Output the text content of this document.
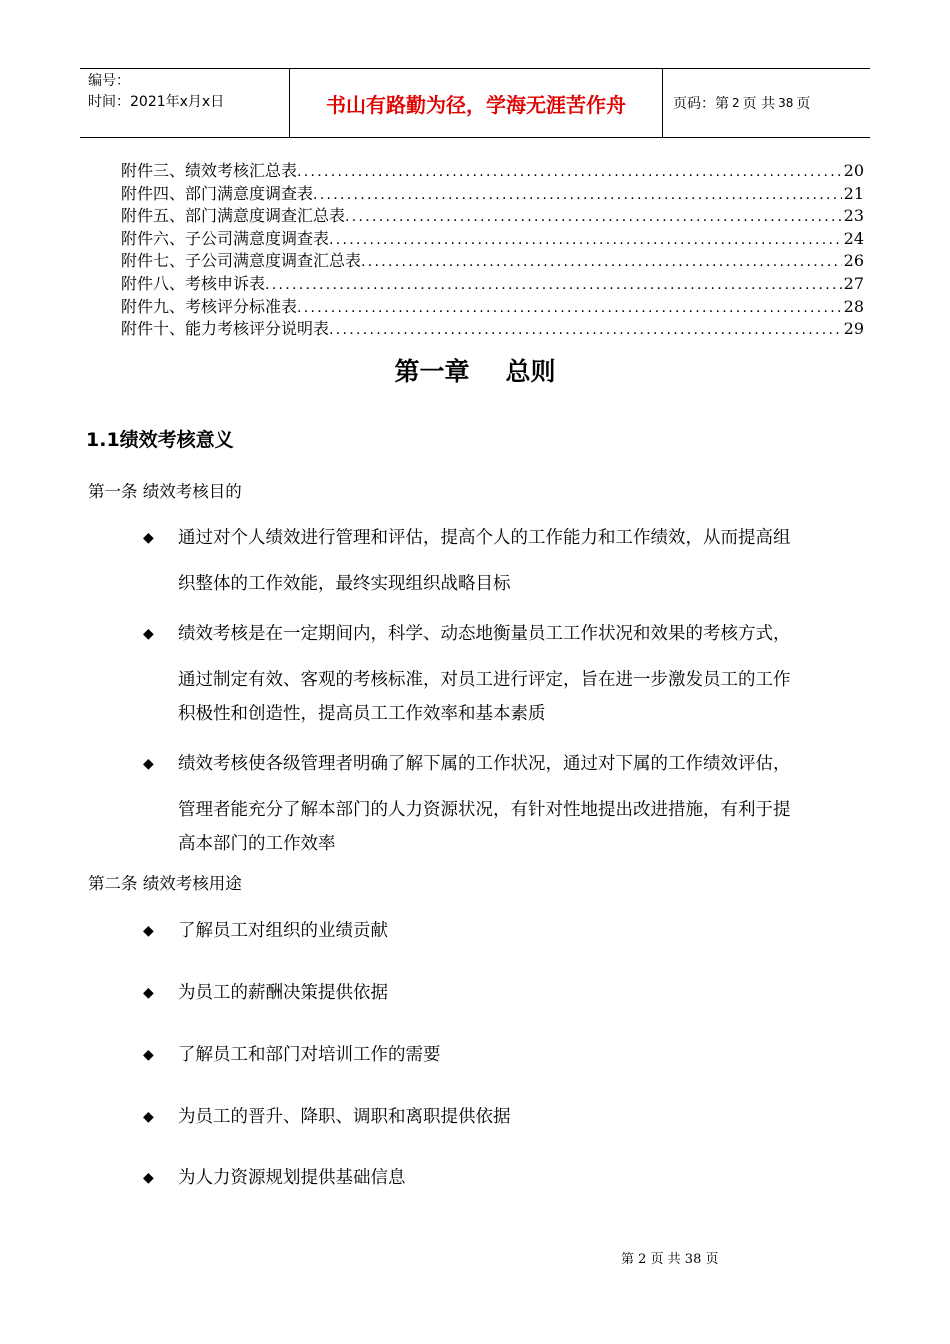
编号：
时间：2021年x月x日	书山有路勤为径，学海无涯苦作舟	页码：第 2 页 共 38 页
附件三、绩效考核汇总表 .....	20
附件四、部门满意度调查表 .....	21
附件五、部门满意度调查汇总表 .....	23
附件六、子公司满意度调查表 .....	24
附件七、子公司满意度调查汇总表 .....	26
附件八、考核申诉表 .....	27
附件九、考核评分标准表 .....	28
附件十、能力考核评分说明表 .....	29
第一章 总则
1.1绩效考核意义
第一条 绩效考核目的
◆ 通过对个人绩效进行管理和评估，提高个人的工作能力和工作绩效，从而提高组
织整体的工作效能，最终实现组织战略目标
◆ 绩效考核是在一定期间内，科学、动态地衡量员工工作状况和效果的考核方式，
通过制定有效、客观的考核标准，对员工进行评定，旨在进一步激发员工的工作
积极性和创造性，提高员工工作效率和基本素质
◆ 绩效考核使各级管理者明确了解下属的工作状况，通过对下属的工作绩效评估，
管理者能充分了解本部门的人力资源状况，有针对性地提出改进措施，有利于提
高本部门的工作效率
第二条 绩效考核用途
◆ 了解员工对组织的业绩贡献
◆ 为员工的薪酬决策提供依据
◆ 了解员工和部门对培训工作的需要
◆ 为员工的晋升、降职、调职和离职提供依据
◆ 为人力资源规划提供基础信息
第 2 页 共 38 页
